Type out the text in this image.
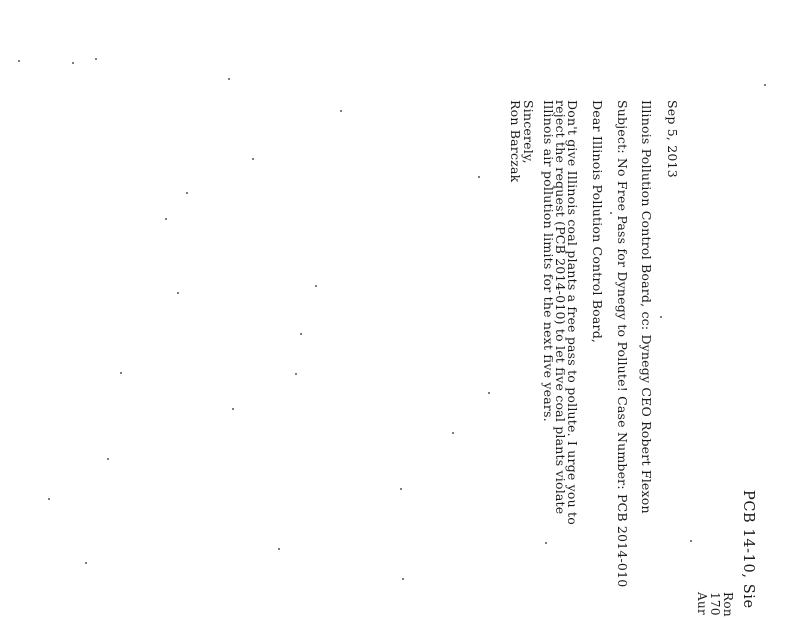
PCB 14-10, Sie
Ron
170
Aur
Sep 5, 2013
Illinois Pollution Control Board, cc: Dynegy CEO Robert Flexon
Subject: No Free Pass for Dynegy to Pollute! Case Number: PCB 2014-010
Dear Illinois Pollution Control Board,
Don't give Illinois coal plants a free pass to pollute. I urge you to
reject the request (PCB 2014-010) to let five coal plants violate
Illinois air pollution limits for the next five years.
Sincerely,
Ron Barczak
